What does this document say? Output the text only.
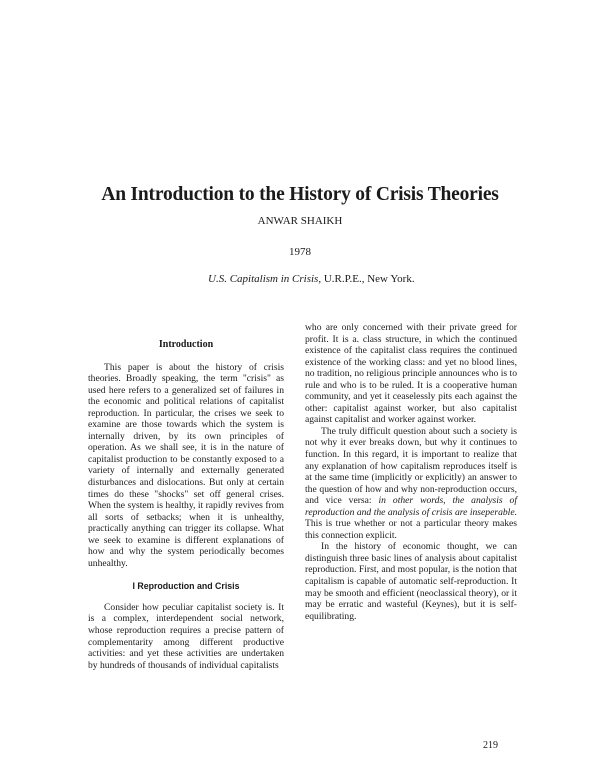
An Introduction to the History of Crisis Theories
ANWAR SHAIKH
1978
U.S. Capitalism in Crisis, U.R.P.E., New York.
Introduction

This paper is about the history of crisis theories. Broadly speaking, the term "crisis" as used here refers to a generalized set of failures in the economic and political relations of capitalist reproduction. In particular, the crises we seek to examine are those towards which the system is internally driven, by its own principles of operation. As we shall see, it is in the nature of capitalist production to be constantly exposed to a variety of internally and externally generated disturbances and dislocations. But only at certain times do these "shocks" set off general crises. When the system is healthy, it rapidly revives from all sorts of setbacks; when it is unhealthy, practically anything can trigger its collapse. What we seek to examine is different explanations of how and why the system periodically becomes unhealthy.

I Reproduction and Crisis

Consider how peculiar capitalist society is. It is a complex, interdependent social network, whose reproduction requires a precise pattern of complementarity among different productive activities: and yet these activities are undertaken by hundreds of thousands of individual capitalists

who are only concerned with their private greed for profit. It is a. class structure, in which the continued existence of the capitalist class requires the continued existence of the working class: and yet no blood lines, no tradition, no religious principle announces who is to rule and who is to be ruled. It is a cooperative human community, and yet it ceaselessly pits each against the other: capitalist against worker, but also capitalist against capitalist and worker against worker.

The truly difficult question about such a society is not why it ever breaks down, but why it continues to function. In this regard, it is important to realize that any explanation of how capitalism reproduces itself is at the same time (implicitly or explicitly) an answer to the question of how and why non-reproduction occurs, and vice versa: in other words, the analysis of reproduction and the analysis of crisis are inseperable. This is true whether or not a particular theory makes this connection explicit.

In the history of economic thought, we can distinguish three basic lines of analysis about capitalist reproduction. First, and most popular, is the notion that capitalism is capable of automatic self-reproduction. It may be smooth and efficient (neoclassical theory), or it may be erratic and wasteful (Keynes), but it is self-equilibrating.

219
